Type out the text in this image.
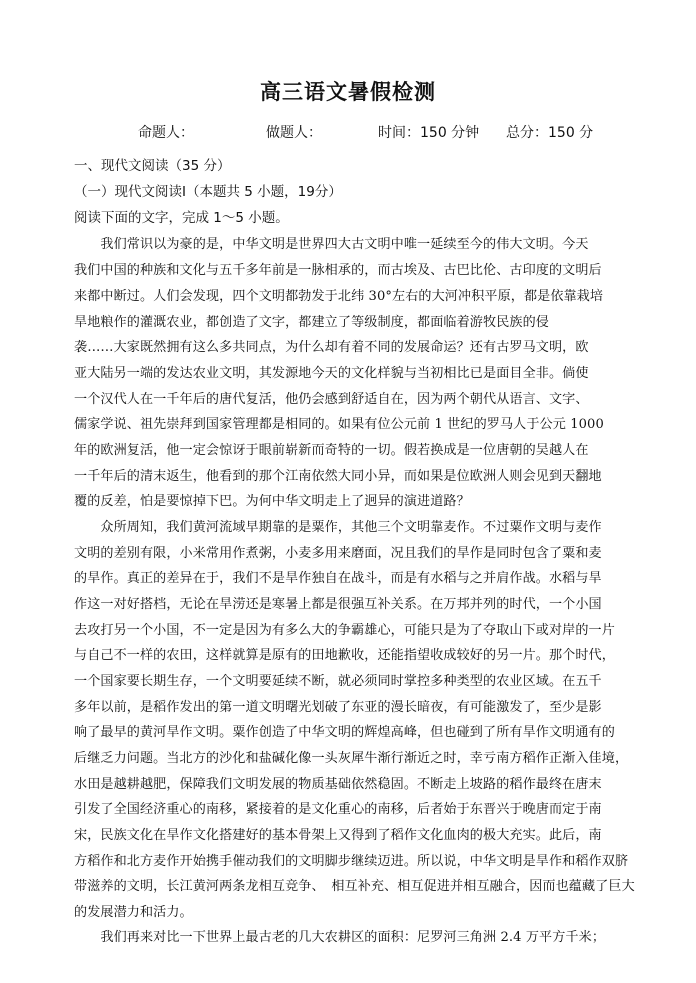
高三语文暑假检测
命题人：	做题人：	时间：150 分钟 总分：150 分
一、现代文阅读（35 分）
（一）现代文阅读Ⅰ（本题共 5 小题，19分）
阅读下面的文字，完成 1～5 小题。
　　我们常识以为豪的是，中华文明是世界四大古文明中唯一延续至今的伟大文明。今天
我们中国的种族和文化与五千多年前是一脉相承的，而古埃及、古巴比伦、古印度的文明后
来都中断过。人们会发现，四个文明都勃发于北纬 30°左右的大河冲积平原，都是依靠栽培
旱地粮作的灌溉农业，都创造了文字，都建立了等级制度，都面临着游牧民族的侵
袭……大家既然拥有这么多共同点，为什么却有着不同的发展命运？还有古罗马文明，欧
亚大陆另一端的发达农业文明，其发源地今天的文化样貌与当初相比已是面目全非。倘使
一个汉代人在一千年后的唐代复活，他仍会感到舒适自在，因为两个朝代从语言、文字、
儒家学说、祖先崇拜到国家管理都是相同的。如果有位公元前 1 世纪的罗马人于公元 1000
年的欧洲复活，他一定会惊讶于眼前崭新而奇特的一切。假若换成是一位唐朝的吴越人在
一千年后的清末返生，他看到的那个江南依然大同小异，而如果是位欧洲人则会见到天翻地
覆的反差，怕是要惊掉下巴。为何中华文明走上了迥异的演进道路？
　　众所周知，我们黄河流域早期靠的是粟作，其他三个文明靠麦作。不过粟作文明与麦作
文明的差别有限，小米常用作煮粥，小麦多用来磨面，况且我们的旱作是同时包含了粟和麦
的旱作。真正的差异在于，我们不是旱作独自在战斗，而是有水稻与之并肩作战。水稻与旱
作这一对好搭档，无论在旱涝还是寒暑上都是很强互补关系。在万邦并列的时代，一个小国
去攻打另一个小国，不一定是因为有多么大的争霸雄心，可能只是为了夺取山下或对岸的一片
与自己不一样的农田，这样就算是原有的田地歉收，还能指望收成较好的另一片。那个时代，
一个国家要长期生存，一个文明要延续不断，就必须同时掌控多种类型的农业区域。在五千
多年以前，是稻作发出的第一道文明曙光划破了东亚的漫长暗夜，有可能激发了，至少是影
响了最早的黄河旱作文明。粟作创造了中华文明的辉煌高峰，但也碰到了所有旱作文明通有的
后继乏力问题。当北方的沙化和盐碱化像一头灰犀牛渐行渐近之时，幸亏南方稻作正渐入佳境，
水田是越耕越肥，保障我们文明发展的物质基础依然稳固。不断走上坡路的稻作最终在唐末
引发了全国经济重心的南移，紧接着的是文化重心的南移，后者始于东晋兴于晚唐而定于南
宋，民族文化在旱作文化搭建好的基本骨架上又得到了稻作文化血肉的极大充实。此后，南
方稻作和北方麦作开始携手催动我们的文明脚步继续迈进。所以说，中华文明是旱作和稻作双脐
带滋养的文明，长江黄河两条龙相互竞争、　相互补充、相互促进并相互融合，因而也蕴藏了巨大
的发展潜力和活力。
　　我们再来对比一下世界上最古老的几大农耕区的面积：尼罗河三角洲 2.4 万平方千米；
